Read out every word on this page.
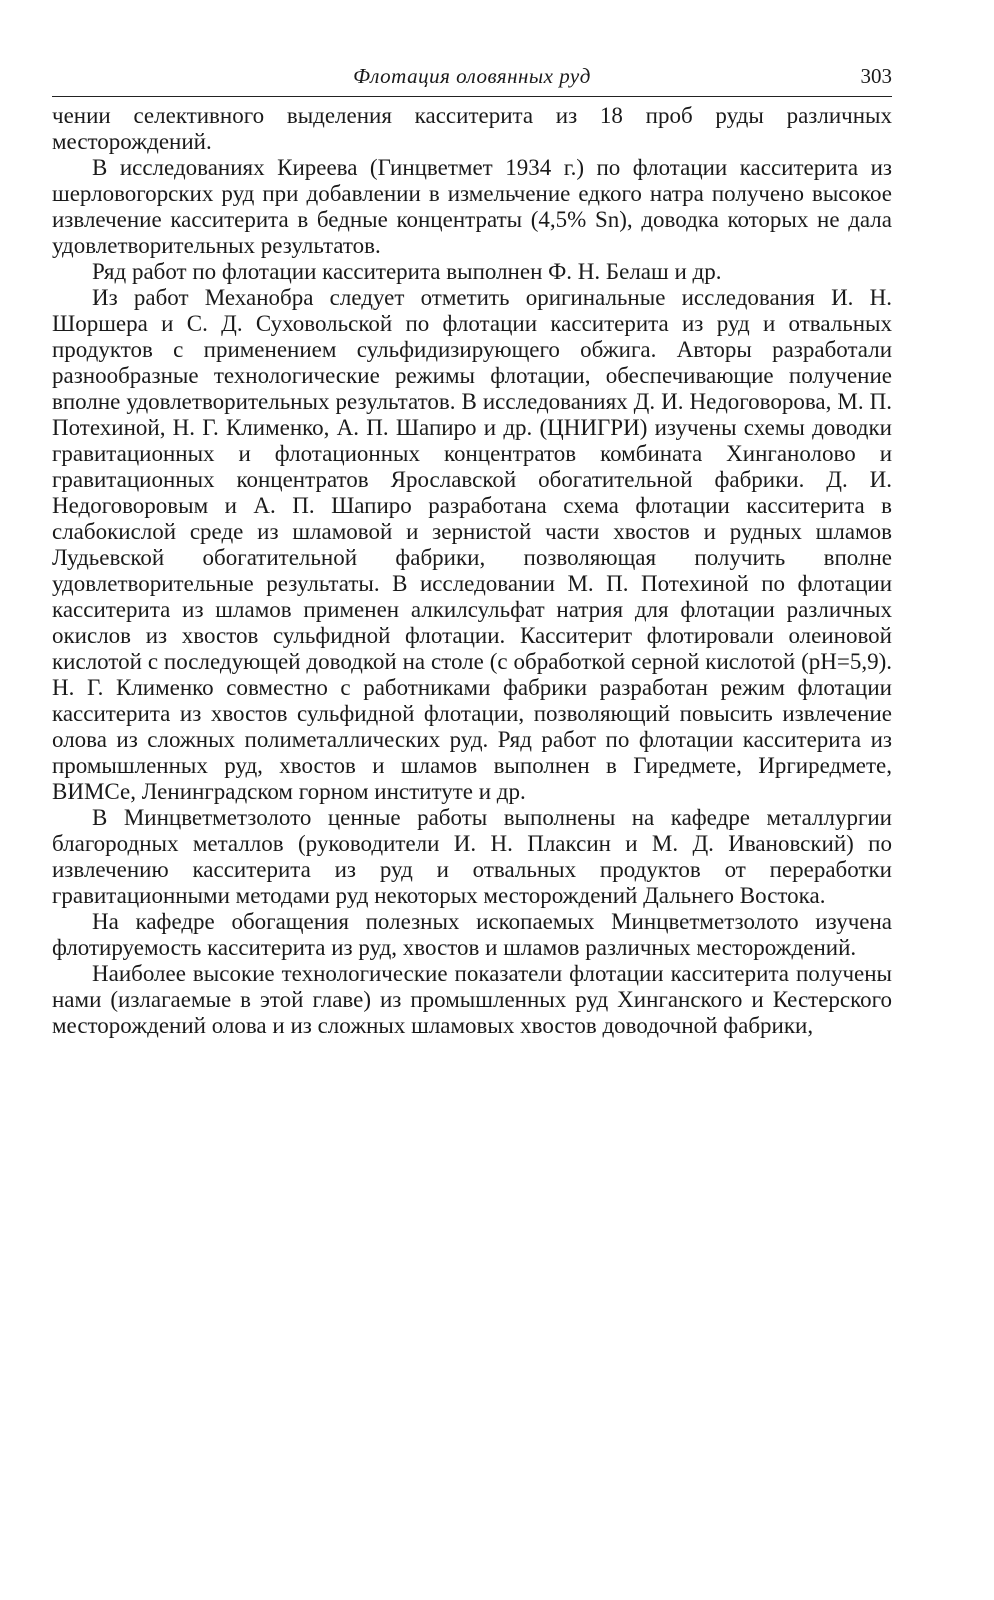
Флотация оловянных руд	303

чении селективного выделения касситерита из 18 проб руды различных месторождений.

В исследованиях Киреева (Гинцветмет 1934 г.) по флотации касситерита из шерловогорских руд при добавлении в измельчение едкого натра получено высокое извлечение касситерита в бедные концентраты (4,5% Sn), доводка которых не дала удовлетворительных результатов.

Ряд работ по флотации касситерита выполнен Ф. Н. Белаш и др.

Из работ Механобра следует отметить оригинальные исследования И. Н. Шоршера и С. Д. Суховольской по флотации касситерита из руд и отвальных продуктов с применением сульфидизирующего обжига. Авторы разработали разнообразные технологические режимы флотации, обеспечивающие получение вполне удовлетворительных результатов. В исследованиях Д. И. Недоговорова, М. П. Потехиной, Н. Г. Клименко, А. П. Шапиро и др. (ЦНИГРИ) изучены схемы доводки гравитационных и флотационных концентратов комбината Хинганолово и гравитационных концентратов Ярославской обогатительной фабрики. Д. И. Недоговоровым и А. П. Шапиро разработана схема флотации касситерита в слабокислой среде из шламовой и зернистой части хвостов и рудных шламов Лудьевской обогатительной фабрики, позволяющая получить вполне удовлетворительные результаты. В исследовании М. П. Потехиной по флотации касситерита из шламов применен алкилсульфат натрия для флотации различных окислов из хвостов сульфидной флотации. Касситерит флотировали олеиновой кислотой с последующей доводкой на столе (с обработкой серной кислотой (pH=5,9). Н. Г. Клименко совместно с работниками фабрики разработан режим флотации касситерита из хвостов сульфидной флотации, позволяющий повысить извлечение олова из сложных полиметаллических руд. Ряд работ по флотации касситерита из промышленных руд, хвостов и шламов выполнен в Гиредмете, Иргиредмете, ВИМСе, Ленинградском горном институте и др.

В Минцветметзолото ценные работы выполнены на кафедре металлургии благородных металлов (руководители И. Н. Плаксин и М. Д. Ивановский) по извлечению касситерита из руд и отвальных продуктов от переработки гравитационными методами руд некоторых месторождений Дальнего Востока.

На кафедре обогащения полезных ископаемых Минцветметзолото изучена флотируемость касситерита из руд, хвостов и шламов различных месторождений.

Наиболее высокие технологические показатели флотации касситерита получены нами (излагаемые в этой главе) из промышленных руд Хинганского и Кестерского месторождений олова и из сложных шламовых хвостов доводочной фабрики,
